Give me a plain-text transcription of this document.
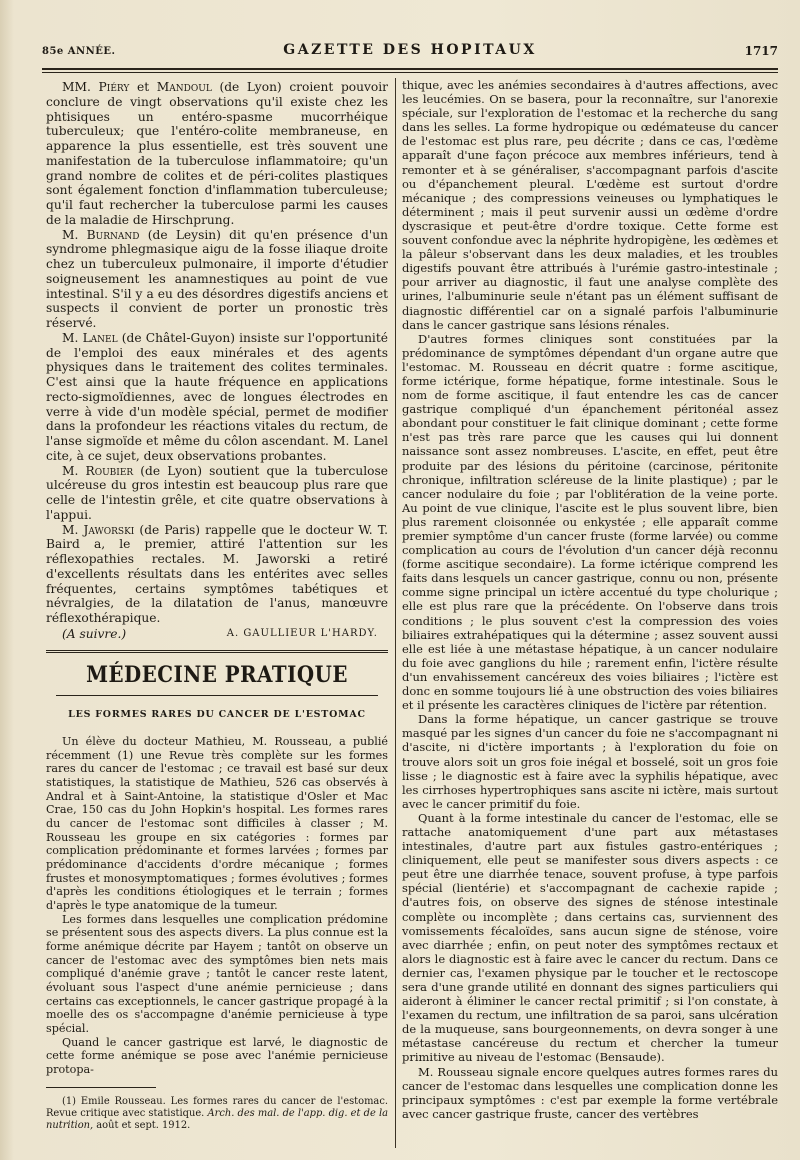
85e ANNÉE.	GAZETTE DES HOPITAUX	1717

MM. Piéry et Mandoul (de Lyon) croient pouvoir conclure de vingt observations qu'il existe chez les phtisiques un entéro-spasme mucorrhéique tuberculeux; que l'entéro-colite membraneuse, en apparence la plus essentielle, est très souvent une manifestation de la tuberculose inflammatoire; qu'un grand nombre de colites et de péri-colites plastiques sont également fonction d'inflammation tuberculeuse; qu'il faut rechercher la tuberculose parmi les causes de la maladie de Hirschprung.

M. Burnand (de Leysin) dit qu'en présence d'un syndrome phlegmasique aigu de la fosse iliaque droite chez un tuberculeux pulmonaire, il importe d'étudier soigneusement les anamnestiques au point de vue intestinal. S'il y a eu des désordres digestifs anciens et suspects il convient de porter un pronostic très réservé.

M. Lanel (de Châtel-Guyon) insiste sur l'opportunité de l'emploi des eaux minérales et des agents physiques dans le traitement des colites terminales. C'est ainsi que la haute fréquence en applications recto-sigmoïdiennes, avec de longues électrodes en verre à vide d'un modèle spécial, permet de modifier dans la profondeur les réactions vitales du rectum, de l'anse sigmoïde et même du côlon ascendant. M. Lanel cite, à ce sujet, deux observations probantes.

M. Roubier (de Lyon) soutient que la tuberculose ulcéreuse du gros intestin est beaucoup plus rare que celle de l'intestin grêle, et cite quatre observations à l'appui.

M. Jaworski (de Paris) rappelle que le docteur W. T. Baird a, le premier, attiré l'attention sur les réflexopathies rectales. M. Jaworski a retiré d'excellents résultats dans les entérites avec selles fréquentes, certains symptômes tabétiques et névralgies, de la dilatation de l'anus, manœuvre réflexothérapique.

(A suivre.)	A. GAULLIEUR L'HARDY.
MÉDECINE PRATIQUE
LES FORMES RARES DU CANCER DE L'ESTOMAC

Un élève du docteur Mathieu, M. Rousseau, a publié récemment (1) une Revue très complète sur les formes rares du cancer de l'estomac ; ce travail est basé sur deux statistiques, la statistique de Mathieu, 526 cas observés à Andral et à Saint-Antoine, la statistique d'Osler et Mac Crae, 150 cas du John Hopkin's hospital. Les formes rares du cancer de l'estomac sont difficiles à classer ; M. Rousseau les groupe en six catégories : formes par complication prédominante et formes larvées ; formes par prédominance d'accidents d'ordre mécanique ; formes frustes et monosymptomatiques ; formes évolutives ; formes d'après les conditions étiologiques et le terrain ; formes d'après le type anatomique de la tumeur.

Les formes dans lesquelles une complication prédomine se présentent sous des aspects divers. La plus connue est la forme anémique décrite par Hayem ; tantôt on observe un cancer de l'estomac avec des symptômes bien nets mais compliqué d'anémie grave ; tantôt le cancer reste latent, évoluant sous l'aspect d'une anémie pernicieuse ; dans certains cas exceptionnels, le cancer gastrique propagé à la moelle des os s'accompagne d'anémie pernicieuse à type spécial.

Quand le cancer gastrique est larvé, le diagnostic de cette forme anémique se pose avec l'anémie pernicieuse protopa-

(1) Emile Rousseau. Les formes rares du cancer de l'estomac. Revue critique avec statistique. Arch. des mal. de l'app. dig. et de la nutrition, août et sept. 1912.

thique, avec les anémies secondaires à d'autres affections, avec les leucémies. On se basera, pour la reconnaître, sur l'anorexie spéciale, sur l'exploration de l'estomac et la recherche du sang dans les selles. La forme hydropique ou œdémateuse du cancer de l'estomac est plus rare, peu décrite ; dans ce cas, l'œdème apparaît d'une façon précoce aux membres inférieurs, tend à remonter et à se généraliser, s'accompagnant parfois d'ascite ou d'épanchement pleural. L'œdème est surtout d'ordre mécanique ; des compressions veineuses ou lymphatiques le déterminent ; mais il peut survenir aussi un œdème d'ordre dyscrasique et peut-être d'ordre toxique. Cette forme est souvent confondue avec la néphrite hydropigène, les œdèmes et la pâleur s'observant dans les deux maladies, et les troubles digestifs pouvant être attribués à l'urémie gastro-intestinale ; pour arriver au diagnostic, il faut une analyse complète des urines, l'albuminurie seule n'étant pas un élément suffisant de diagnostic différentiel car on a signalé parfois l'albuminurie dans le cancer gastrique sans lésions rénales.

D'autres formes cliniques sont constituées par la prédominance de symptômes dépendant d'un organe autre que l'estomac. M. Rousseau en décrit quatre : forme ascitique, forme ictérique, forme hépatique, forme intestinale. Sous le nom de forme ascitique, il faut entendre les cas de cancer gastrique compliqué d'un épanchement péritonéal assez abondant pour constituer le fait clinique dominant ; cette forme n'est pas très rare parce que les causes qui lui donnent naissance sont assez nombreuses. L'ascite, en effet, peut être produite par des lésions du péritoine (carcinose, péritonite chronique, infiltration scléreuse de la linite plastique) ; par le cancer nodulaire du foie ; par l'oblitération de la veine porte. Au point de vue clinique, l'ascite est le plus souvent libre, bien plus rarement cloisonnée ou enkystée ; elle apparaît comme premier symptôme d'un cancer fruste (forme larvée) ou comme complication au cours de l'évolution d'un cancer déjà reconnu (forme ascitique secondaire). La forme ictérique comprend les faits dans lesquels un cancer gastrique, connu ou non, présente comme signe principal un ictère accentué du type cholurique ; elle est plus rare que la précédente. On l'observe dans trois conditions ; le plus souvent c'est la compression des voies biliaires extrahépatiques qui la détermine ; assez souvent aussi elle est liée à une métastase hépatique, à un cancer nodulaire du foie avec ganglions du hile ; rarement enfin, l'ictère résulte d'un envahissement cancéreux des voies biliaires ; l'ictère est donc en somme toujours lié à une obstruction des voies biliaires et il présente les caractères cliniques de l'ictère par rétention.

Dans la forme hépatique, un cancer gastrique se trouve masqué par les signes d'un cancer du foie ne s'accompagnant ni d'ascite, ni d'ictère importants ; à l'exploration du foie on trouve alors soit un gros foie inégal et bosselé, soit un gros foie lisse ; le diagnostic est à faire avec la syphilis hépatique, avec les cirrhoses hypertrophiques sans ascite ni ictère, mais surtout avec le cancer primitif du foie.

Quant à la forme intestinale du cancer de l'estomac, elle se rattache anatomiquement d'une part aux métastases intestinales, d'autre part aux fistules gastro-entériques ; cliniquement, elle peut se manifester sous divers aspects : ce peut être une diarrhée tenace, souvent profuse, à type parfois spécial (lientérie) et s'accompagnant de cachexie rapide ; d'autres fois, on observe des signes de sténose intestinale complète ou incomplète ; dans certains cas, surviennent des vomissements fécaloïdes, sans aucun signe de sténose, voire avec diarrhée ; enfin, on peut noter des symptômes rectaux et alors le diagnostic est à faire avec le cancer du rectum. Dans ce dernier cas, l'examen physique par le toucher et le rectoscope sera d'une grande utilité en donnant des signes particuliers qui aideront à éliminer le cancer rectal primitif ; si l'on constate, à l'examen du rectum, une infiltration de sa paroi, sans ulcération de la muqueuse, sans bourgeonnements, on devra songer à une métastase cancéreuse du rectum et chercher la tumeur primitive au niveau de l'estomac (Bensaude).

M. Rousseau signale encore quelques autres formes rares du cancer de l'estomac dans lesquelles une complication donne les principaux symptômes : c'est par exemple la forme vertébrale avec cancer gastrique fruste, cancer des vertèbres
